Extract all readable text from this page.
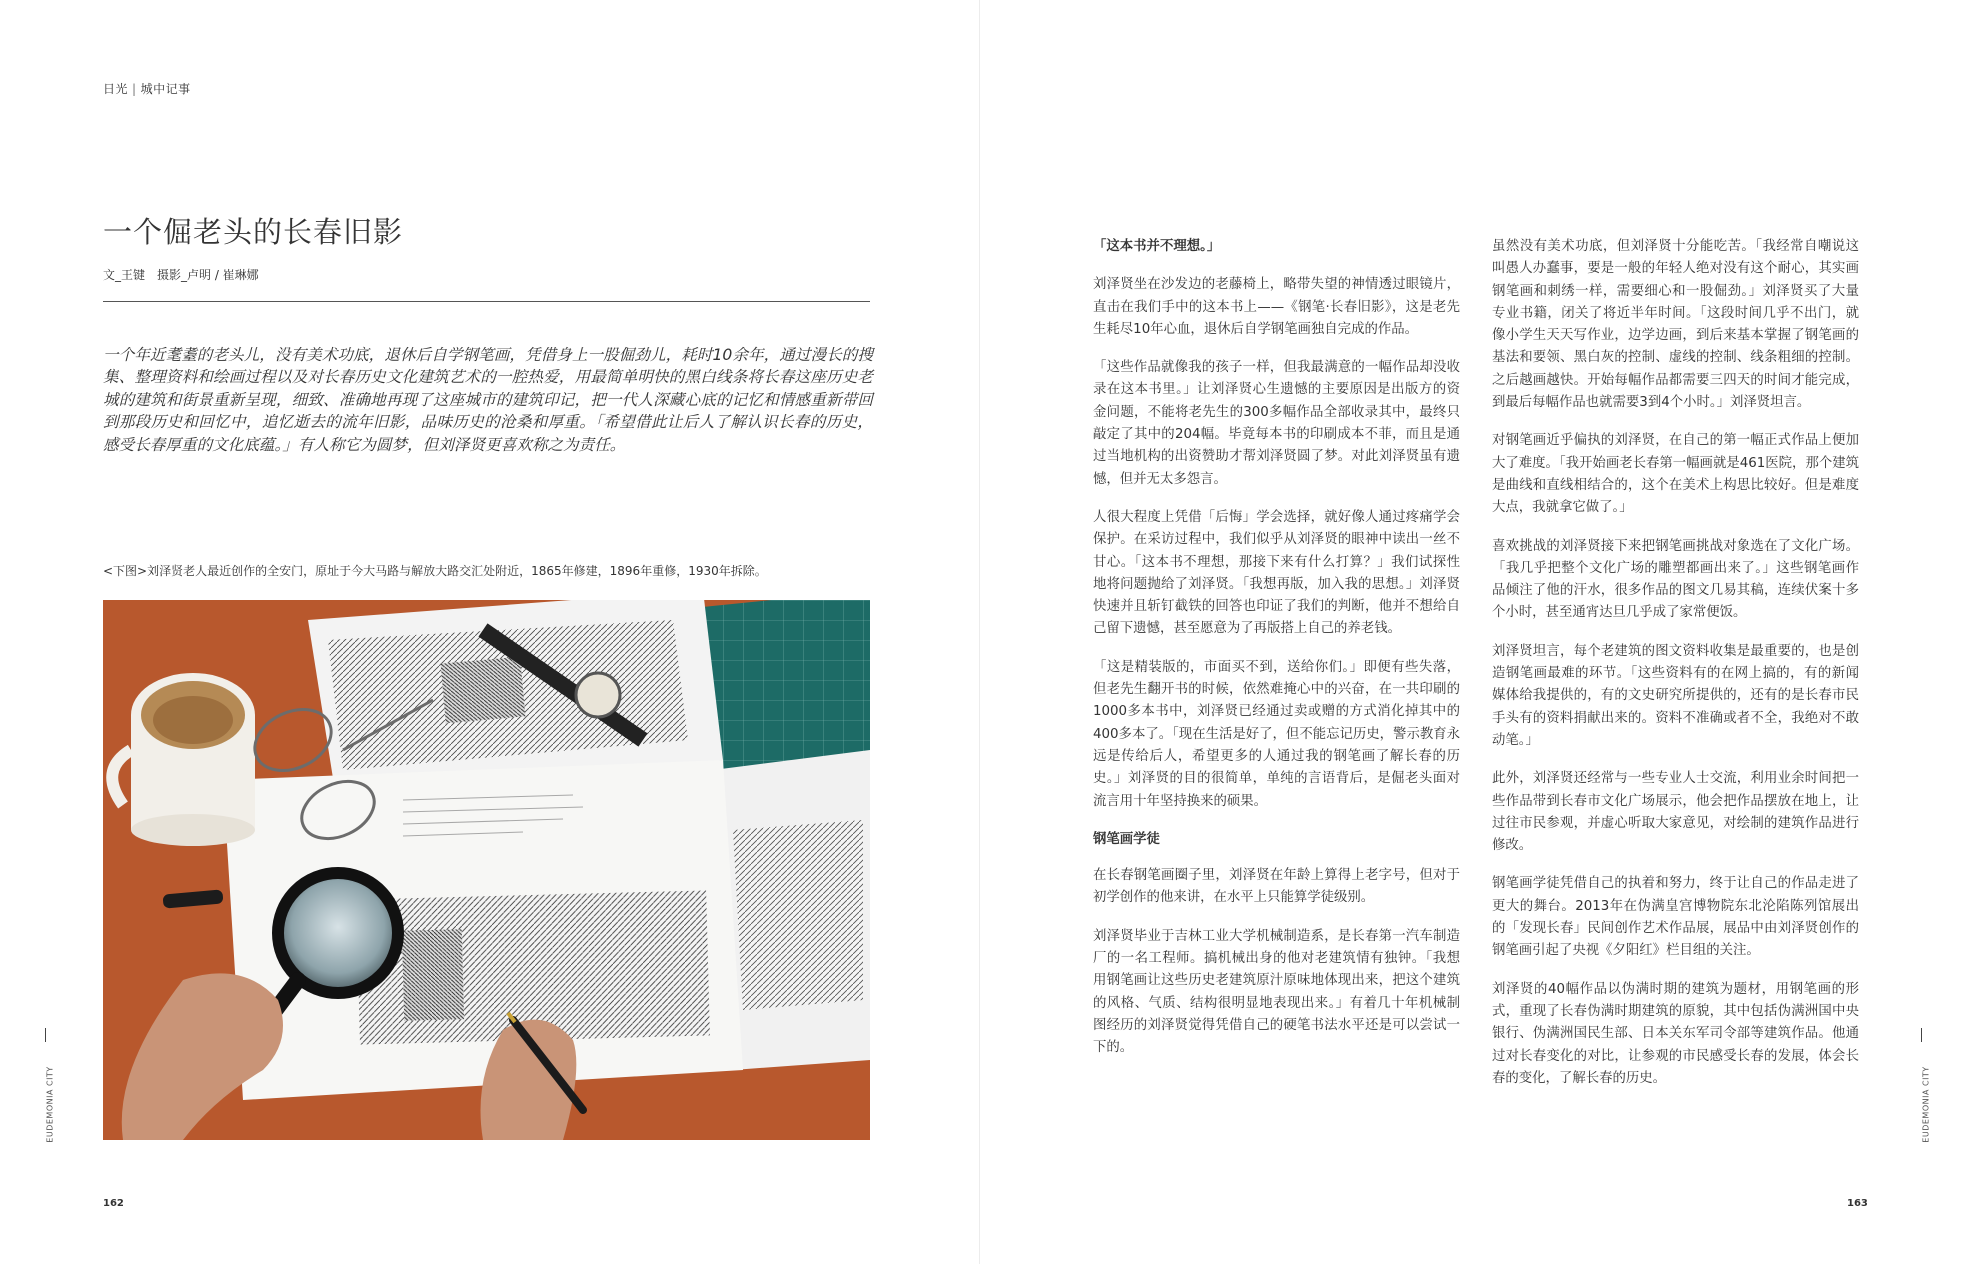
日光 | 城中记事
一个倔老头的长春旧影
文_王键　摄影_卢明 / 崔琳娜

一个年近耄耋的老头儿，没有美术功底，退休后自学钢笔画，凭借身上一股倔劲儿，耗时10余年，通过漫长的搜集、整理资料和绘画过程以及对长春历史文化建筑艺术的一腔热爱，用最简单明快的黑白线条将长春这座历史老城的建筑和街景重新呈现，细致、准确地再现了这座城市的建筑印记，把一代人深藏心底的记忆和情感重新带回到那段历史和回忆中，追忆逝去的流年旧影，品味历史的沧桑和厚重。「希望借此让后人了解认识长春的历史，感受长春厚重的文化底蕴。」有人称它为圆梦，但刘泽贤更喜欢称之为责任。

<下图>刘泽贤老人最近创作的全安门，原址于今大马路与解放大路交汇处附近，1865年修建，1896年重修，1930年拆除。
EUDEMONIA CITY
162

「这本书并不理想。」

刘泽贤坐在沙发边的老藤椅上，略带失望的神情透过眼镜片，直击在我们手中的这本书上——《钢笔·长春旧影》，这是老先生耗尽10年心血，退休后自学钢笔画独自完成的作品。

「这些作品就像我的孩子一样，但我最满意的一幅作品却没收录在这本书里。」让刘泽贤心生遗憾的主要原因是出版方的资金问题，不能将老先生的300多幅作品全部收录其中，最终只敲定了其中的204幅。毕竟每本书的印刷成本不菲，而且是通过当地机构的出资赞助才帮刘泽贤圆了梦。对此刘泽贤虽有遗憾，但并无太多怨言。

人很大程度上凭借「后悔」学会选择，就好像人通过疼痛学会保护。在采访过程中，我们似乎从刘泽贤的眼神中读出一丝不甘心。「这本书不理想，那接下来有什么打算？」我们试探性地将问题抛给了刘泽贤。「我想再版，加入我的思想。」刘泽贤快速并且斩钉截铁的回答也印证了我们的判断，他并不想给自己留下遗憾，甚至愿意为了再版搭上自己的养老钱。

「这是精装版的，市面买不到，送给你们。」即便有些失落，但老先生翻开书的时候，依然难掩心中的兴奋，在一共印刷的1000多本书中，刘泽贤已经通过卖或赠的方式消化掉其中的400多本了。「现在生活是好了，但不能忘记历史，警示教育永远是传给后人，希望更多的人通过我的钢笔画了解长春的历史。」刘泽贤的目的很简单，单纯的言语背后，是倔老头面对流言用十年坚持换来的硕果。

钢笔画学徒

在长春钢笔画圈子里，刘泽贤在年龄上算得上老字号，但对于初学创作的他来讲，在水平上只能算学徒级别。

刘泽贤毕业于吉林工业大学机械制造系，是长春第一汽车制造厂的一名工程师。搞机械出身的他对老建筑情有独钟。「我想用钢笔画让这些历史老建筑原汁原味地体现出来，把这个建筑的风格、气质、结构很明显地表现出来。」有着几十年机械制图经历的刘泽贤觉得凭借自己的硬笔书法水平还是可以尝试一下的。

虽然没有美术功底，但刘泽贤十分能吃苦。「我经常自嘲说这叫愚人办蠢事，要是一般的年轻人绝对没有这个耐心，其实画钢笔画和刺绣一样，需要细心和一股倔劲。」刘泽贤买了大量专业书籍，闭关了将近半年时间。「这段时间几乎不出门，就像小学生天天写作业，边学边画，到后来基本掌握了钢笔画的基法和要领、黑白灰的控制、虚线的控制、线条粗细的控制。之后越画越快。开始每幅作品都需要三四天的时间才能完成，到最后每幅作品也就需要3到4个小时。」刘泽贤坦言。

对钢笔画近乎偏执的刘泽贤，在自己的第一幅正式作品上便加大了难度。「我开始画老长春第一幅画就是461医院，那个建筑是曲线和直线相结合的，这个在美术上构思比较好。但是难度大点，我就拿它做了。」

喜欢挑战的刘泽贤接下来把钢笔画挑战对象选在了文化广场。「我几乎把整个文化广场的雕塑都画出来了。」这些钢笔画作品倾注了他的汗水，很多作品的图文几易其稿，连续伏案十多个小时，甚至通宵达旦几乎成了家常便饭。

刘泽贤坦言，每个老建筑的图文资料收集是最重要的，也是创造钢笔画最难的环节。「这些资料有的在网上搞的，有的新闻媒体给我提供的，有的文史研究所提供的，还有的是长春市民手头有的资料捐献出来的。资料不准确或者不全，我绝对不敢动笔。」

此外，刘泽贤还经常与一些专业人士交流，利用业余时间把一些作品带到长春市文化广场展示，他会把作品摆放在地上，让过往市民参观，并虚心听取大家意见，对绘制的建筑作品进行修改。

钢笔画学徒凭借自己的执着和努力，终于让自己的作品走进了更大的舞台。2013年在伪满皇宫博物院东北沦陷陈列馆展出的「发现长春」民间创作艺术作品展，展品中由刘泽贤创作的钢笔画引起了央视《夕阳红》栏目组的关注。

刘泽贤的40幅作品以伪满时期的建筑为题材，用钢笔画的形式，重现了长春伪满时期建筑的原貌，其中包括伪满洲国中央银行、伪满洲国民生部、日本关东军司令部等建筑作品。他通过对长春变化的对比，让参观的市民感受长春的发展，体会长春的变化，了解长春的历史。	EUDEMONIA CITY
163
